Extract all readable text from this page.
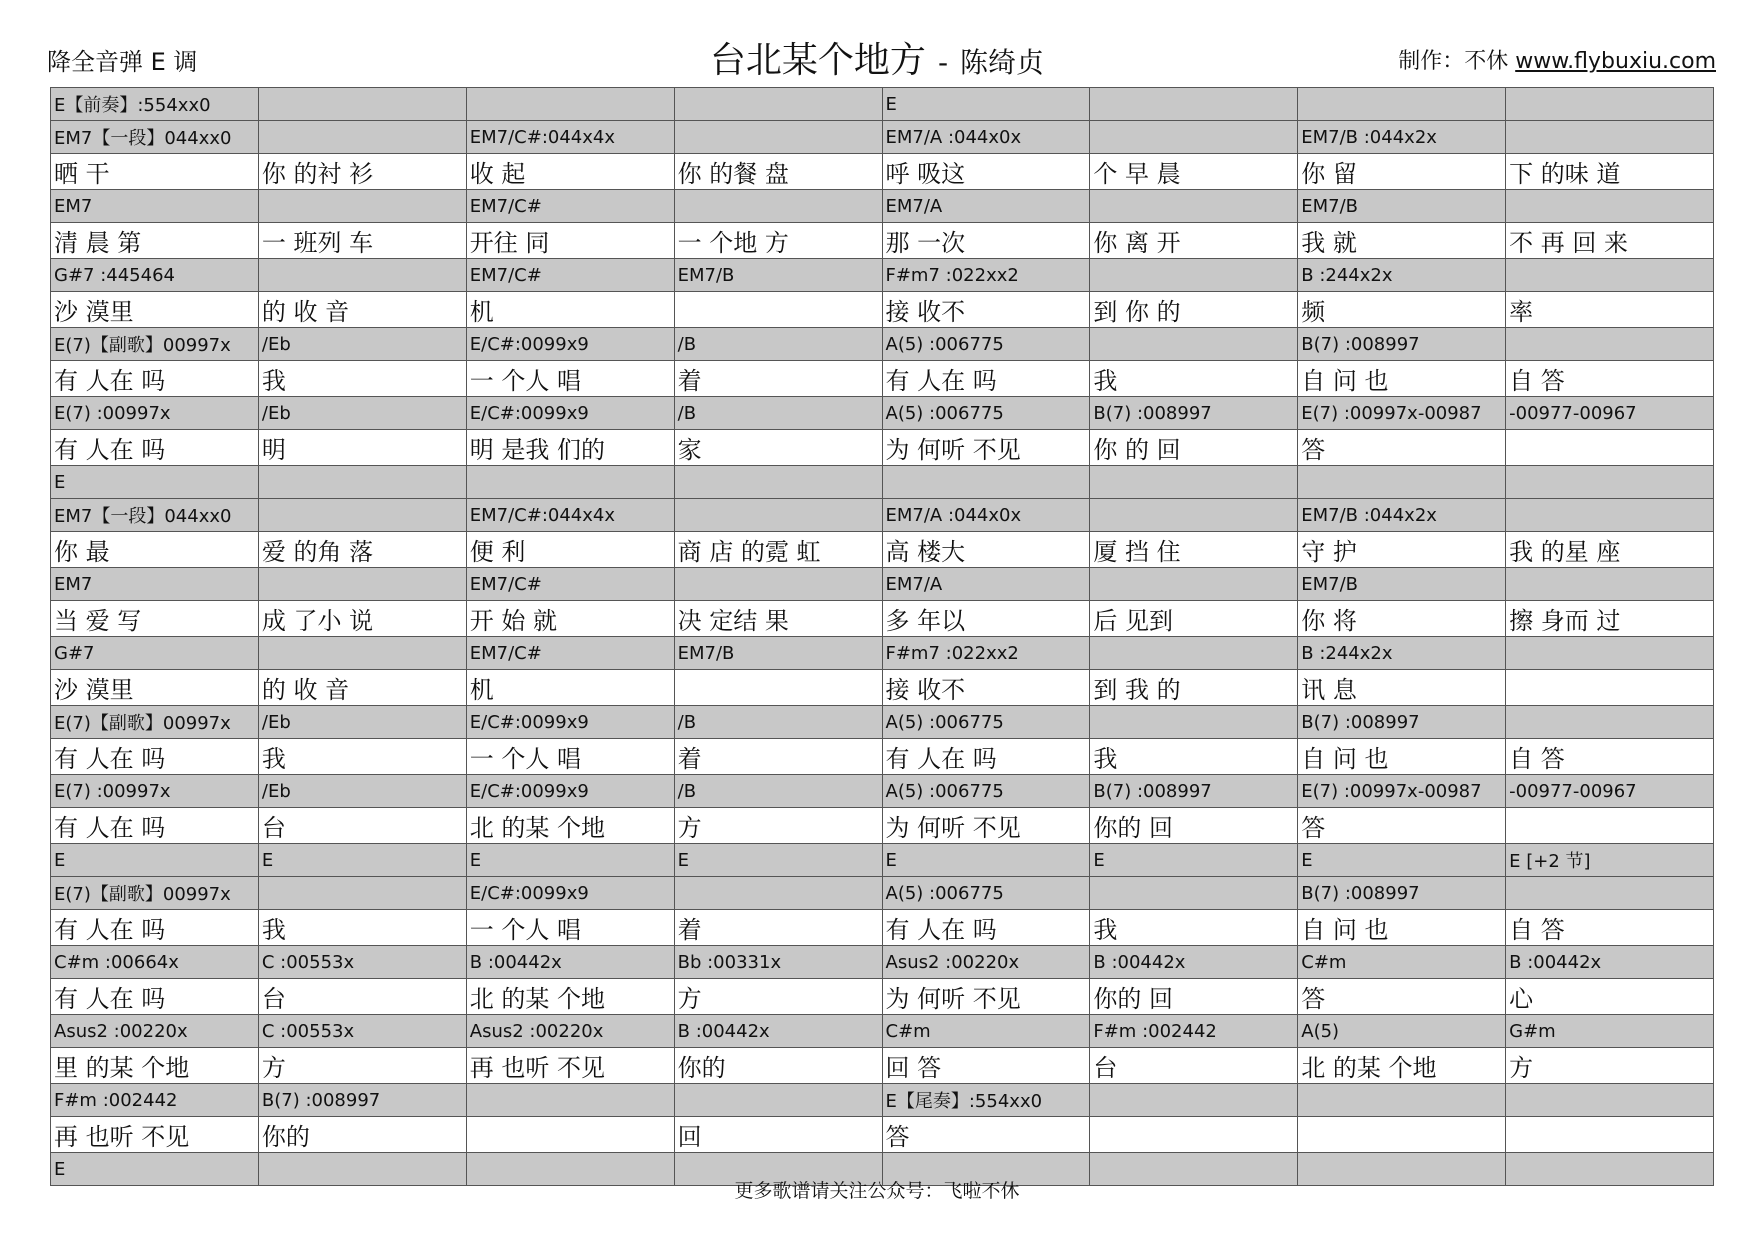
降全音弹 E 调	台北某个地方 - 陈绮贞	制作：不休 www.flybuxiu.com
E【前奏】:554xx0				E			

EM7【一段】044xx0		EM7/C#:044x4x		EM7/A :044x0x		EM7/B :044x2x	

晒 干	你 的衬 衫	收 起	你 的餐 盘	呼 吸这	个 早 晨	你 留	下 的味 道

EM7		EM7/C#		EM7/A		EM7/B	

清 晨 第	一 班列 车	开往 同	一 个地 方	那 一次	你 离 开	我 就	不 再 回 来

G#7 :445464		EM7/C#	EM7/B	F#m7 :022xx2		B :244x2x	

沙 漠里	的 收 音	机		接 收不	到 你 的	频	率

E(7)【副歌】00997x	/Eb	E/C#:0099x9	/B	A(5) :006775		B(7) :008997	

有 人在 吗	我	一 个人 唱	着	有 人在 吗	我	自 问 也	自 答

E(7) :00997x	/Eb	E/C#:0099x9	/B	A(5) :006775	B(7) :008997	E(7) :00997x-00987	-00977-00967

有 人在 吗	明	明 是我 们的	家	为 何听 不见	你 的 回	答	

E							

EM7【一段】044xx0		EM7/C#:044x4x		EM7/A :044x0x		EM7/B :044x2x	

你 最	爱 的角 落	便 利	商 店 的霓 虹	高 楼大	厦 挡 住	守 护	我 的星 座

EM7		EM7/C#		EM7/A		EM7/B	

当 爱 写	成 了小 说	开 始 就	决 定结 果	多 年以	后 见到	你 将	擦 身而 过

G#7		EM7/C#	EM7/B	F#m7 :022xx2		B :244x2x	

沙 漠里	的 收 音	机		接 收不	到 我 的	讯 息	

E(7)【副歌】00997x	/Eb	E/C#:0099x9	/B	A(5) :006775		B(7) :008997	

有 人在 吗	我	一 个人 唱	着	有 人在 吗	我	自 问 也	自 答

E(7) :00997x	/Eb	E/C#:0099x9	/B	A(5) :006775	B(7) :008997	E(7) :00997x-00987	-00977-00967

有 人在 吗	台	北 的某 个地	方	为 何听 不见	你的 回	答	

E	E	E	E	E	E	E	E [+2 节]

E(7)【副歌】00997x		E/C#:0099x9		A(5) :006775		B(7) :008997	

有 人在 吗	我	一 个人 唱	着	有 人在 吗	我	自 问 也	自 答

C#m :00664x	C :00553x	B :00442x	Bb :00331x	Asus2 :00220x	B :00442x	C#m	B :00442x

有 人在 吗	台	北 的某 个地	方	为 何听 不见	你的 回	答	心

Asus2 :00220x	C :00553x	Asus2 :00220x	B :00442x	C#m	F#m :002442	A(5)	G#m

里 的某 个地	方	再 也听 不见	你的	回 答	台	北 的某 个地	方

F#m :002442	B(7) :008997			E【尾奏】:554xx0			

再 也听 不见	你的		回	答			

E							

更多歌谱请关注公众号：飞啦不休
